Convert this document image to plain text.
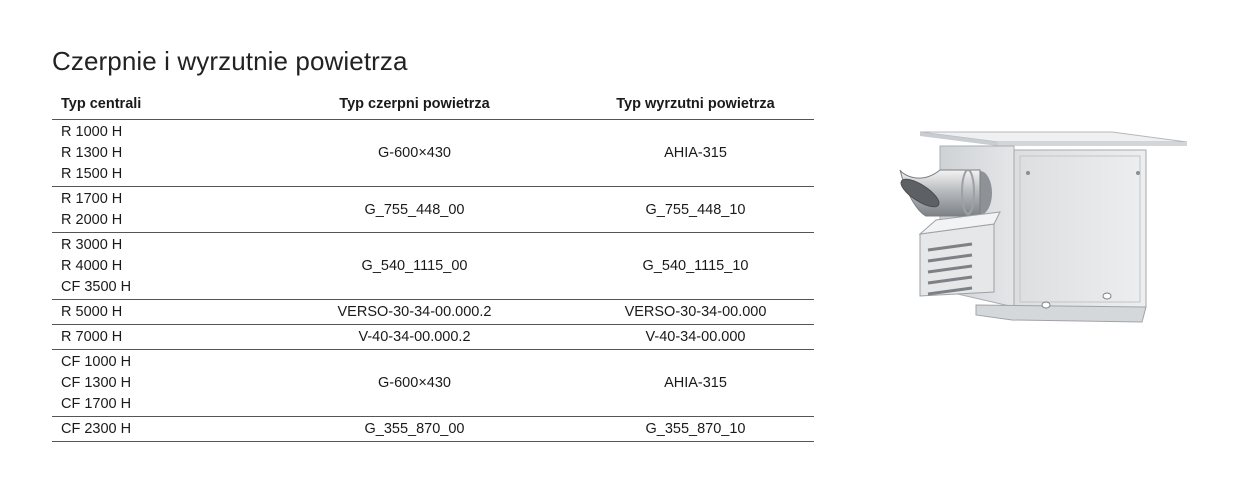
Czerpnie i wyrzutnie powietrza
Typ centrali	Typ czerpni powietrza	Typ wyrzutni powietrza

R 1000 H
R 1300 H
R 1500 H	G-600×430	AHIA-315

R 1700 H
R 2000 H	G_755_448_00	G_755_448_10

R 3000 H
R 4000 H
CF 3500 H	G_540_1115_00	G_540_1115_10

R 5000 H	VERSO-30-34-00.000.2	VERSO-30-34-00.000

R 7000 H	V-40-34-00.000.2	V-40-34-00.000

CF 1000 H
CF 1300 H
CF 1700 H	G-600×430	AHIA-315

CF 2300 H	G_355_870_00	G_355_870_10
